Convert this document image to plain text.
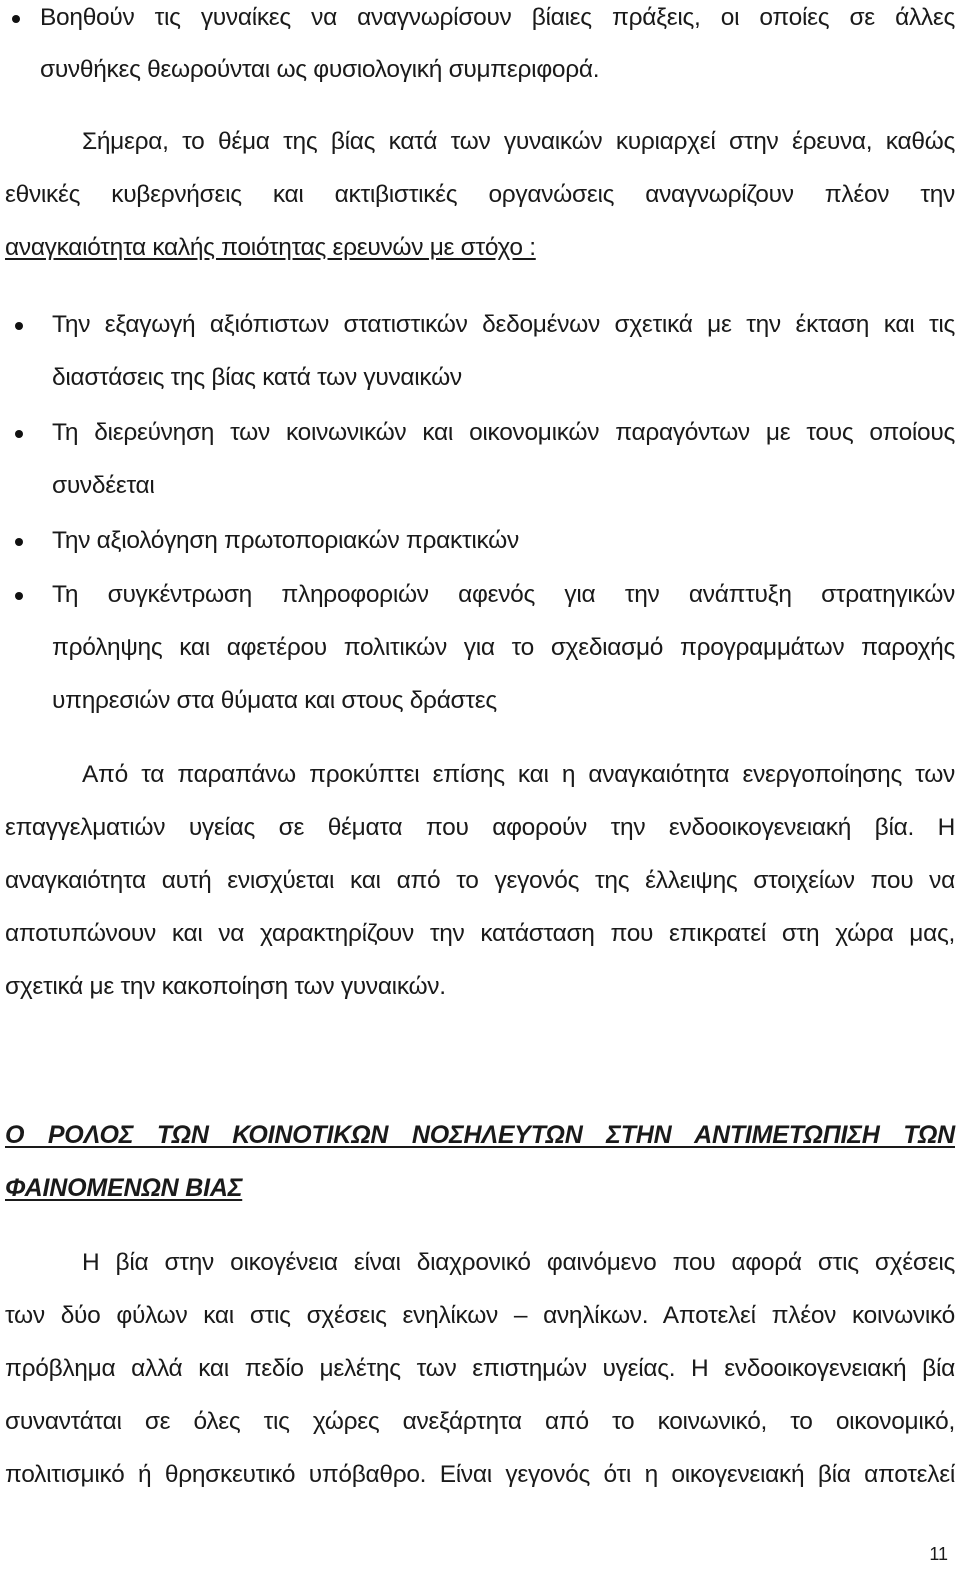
Βοηθούν τις γυναίκες να αναγνωρίσουν βίαιες πράξεις, οι οποίες σε άλλες
συνθήκες θεωρούνται ως φυσιολογική συμπεριφορά.
Σήμερα, το θέμα της βίας κατά των γυναικών κυριαρχεί στην έρευνα, καθώς
εθνικές κυβερνήσεις και ακτιβιστικές οργανώσεις αναγνωρίζουν πλέον την
αναγκαιότητα καλής ποιότητας ερευνών με στόχο :
Την εξαγωγή αξιόπιστων στατιστικών δεδομένων σχετικά με την έκταση και τις
διαστάσεις της βίας κατά των γυναικών
Τη διερεύνηση των κοινωνικών και οικονομικών παραγόντων με τους οποίους
συνδέεται
Την αξιολόγηση πρωτοποριακών πρακτικών
Τη συγκέντρωση πληροφοριών αφενός για την ανάπτυξη στρατηγικών
πρόληψης και αφετέρου πολιτικών για το σχεδιασμό προγραμμάτων παροχής
υπηρεσιών στα θύματα και στους δράστες
Από τα παραπάνω προκύπτει επίσης και η αναγκαιότητα ενεργοποίησης των
επαγγελματιών υγείας σε θέματα που αφορούν την ενδοοικογενειακή βία. Η
αναγκαιότητα αυτή ενισχύεται και από το γεγονός της έλλειψης στοιχείων που να
αποτυπώνουν και να χαρακτηρίζουν την κατάσταση που επικρατεί στη χώρα μας,
σχετικά με την κακοποίηση των γυναικών.
Ο ΡΟΛΟΣ ΤΩΝ ΚΟΙΝΟΤΙΚΩΝ ΝΟΣΗΛΕΥΤΩΝ ΣΤΗΝ ΑΝΤΙΜΕΤΩΠΙΣΗ ΤΩΝ
ΦΑΙΝΟΜΕΝΩΝ ΒΙΑΣ
Η βία στην οικογένεια είναι διαχρονικό φαινόμενο που αφορά στις σχέσεις
των δύο φύλων και στις σχέσεις ενηλίκων – ανηλίκων. Αποτελεί πλέον κοινωνικό
πρόβλημα αλλά και πεδίο μελέτης των επιστημών υγείας. Η ενδοοικογενειακή βία
συναντάται σε όλες τις χώρες ανεξάρτητα από το κοινωνικό, το οικονομικό,
πολιτισμικό ή θρησκευτικό υπόβαθρο. Είναι γεγονός ότι η οικογενειακή βία αποτελεί
11
